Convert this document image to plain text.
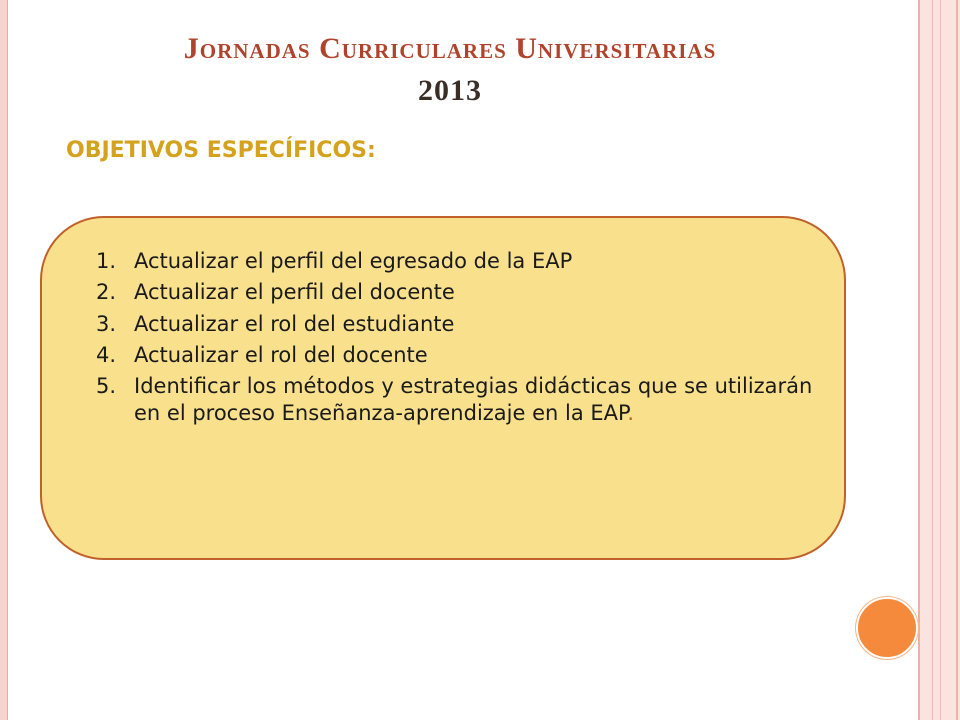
Jornadas Curriculares Universitarias
2013
OBJETIVOS ESPECÍFICOS:
1. Actualizar el perfil del egresado de la EAP
2. Actualizar el perfil del docente
3. Actualizar el rol del estudiante
4. Actualizar el rol del docente
5. Identificar los métodos y estrategias didácticas que se utilizarán en el proceso Enseñanza-aprendizaje en la EAP.
